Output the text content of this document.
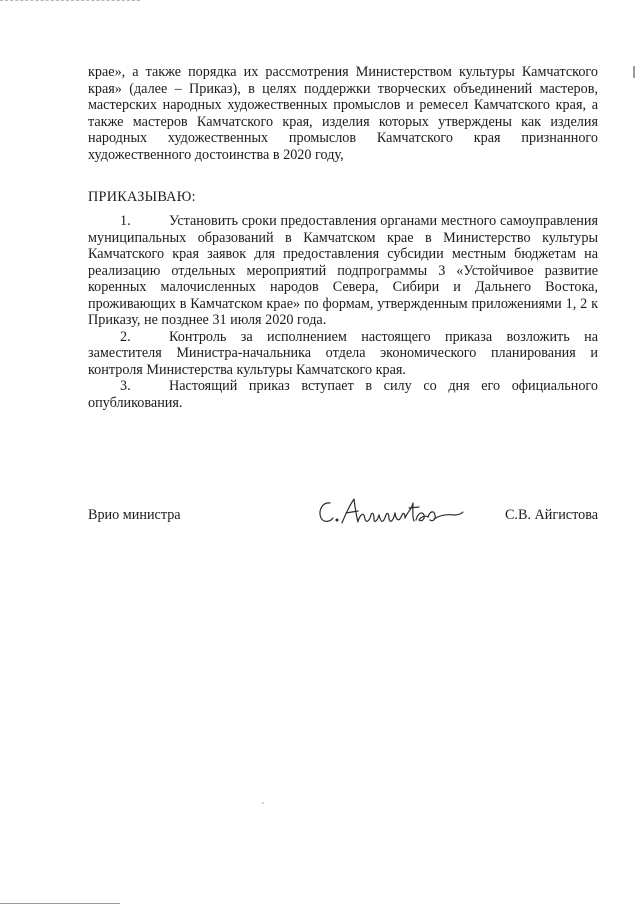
крае», а также порядка их рассмотрения Министерством культуры Камчатского края» (далее – Приказ), в целях поддержки творческих объединений мастеров, мастерских народных художественных промыслов и ремесел Камчатского края, а также мастеров Камчатского края, изделия которых утверждены как изделия народных художественных промыслов Камчатского края признанного художественного достоинства в 2020 году,

ПРИКАЗЫВАЮ:

1.	Установить сроки предоставления органами местного самоуправления муниципальных образований в Камчатском крае в Министерство культуры Камчатского края заявок для предоставления субсидии местным бюджетам на реализацию отдельных мероприятий подпрограммы 3 «Устойчивое развитие коренных малочисленных народов Севера, Сибири и Дальнего Востока, проживающих в Камчатском крае» по формам, утвержденным приложениями 1, 2 к Приказу, не позднее 31 июля 2020 года.

2.	Контроль за исполнением настоящего приказа возложить на заместителя Министра-начальника отдела экономического планирования и контроля Министерства культуры Камчатского края.

3.	Настоящий приказ вступает в силу со дня его официального опубликования.

Врио министра	С.В. Айгистова
